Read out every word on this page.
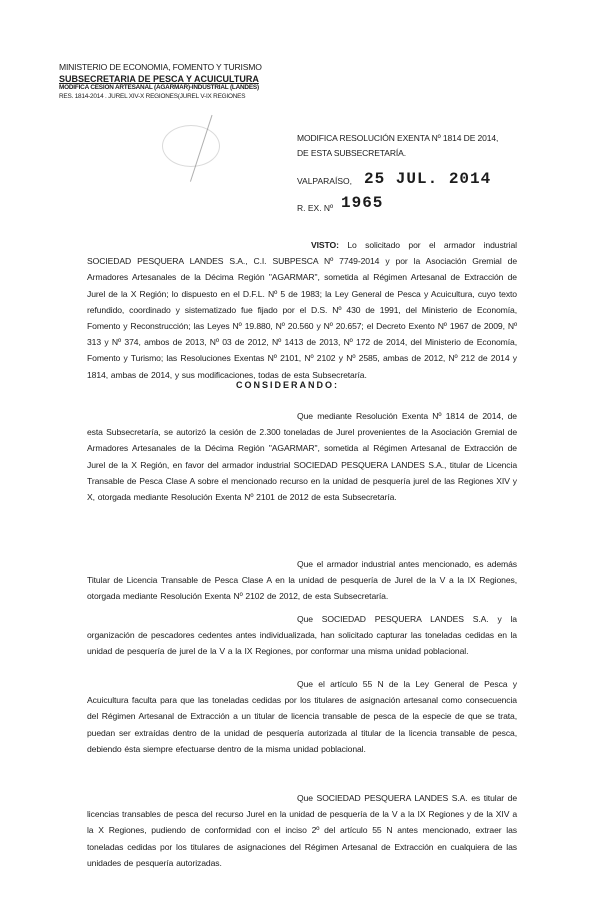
MINISTERIO DE ECONOMIA, FOMENTO Y TURISMO
SUBSECRETARIA DE PESCA Y ACUICULTURA
MODIFICA CESIÓN ARTESANAL (AGARMAR)-INDUSTRIAL (LANDES)
RES. 1814-2014 . JUREL XIV-X REGIONES(JUREL V-IX REGIONES
MODIFICA RESOLUCIÓN EXENTA Nº 1814 DE 2014,
DE ESTA SUBSECRETARÍA.
VALPARAÍSO, 25 JUL. 2014
R. EX. Nº 1965
VISTO: Lo solicitado por el armador industrial SOCIEDAD PESQUERA LANDES S.A., C.I. SUBPESCA Nº 7749-2014 y por la Asociación Gremial de Armadores Artesanales de la Décima Región "AGARMAR", sometida al Régimen Artesanal de Extracción de Jurel de la X Región; lo dispuesto en el D.F.L. Nº 5 de 1983; la Ley General de Pesca y Acuicultura, cuyo texto refundido, coordinado y sistematizado fue fijado por el D.S. Nº 430 de 1991, del Ministerio de Economía, Fomento y Reconstrucción; las Leyes Nº 19.880, Nº 20.560 y Nº 20.657; el Decreto Exento Nº 1967 de 2009, Nº 313 y Nº 374, ambos de 2013, Nº 03 de 2012, Nº 1413 de 2013, Nº 172 de 2014, del Ministerio de Economía, Fomento y Turismo; las Resoluciones Exentas Nº 2101, Nº 2102 y Nº 2585, ambas de 2012, Nº 212 de 2014 y 1814, ambas de 2014, y sus modificaciones, todas de esta Subsecretaría.
CONSIDERANDO:
Que mediante Resolución Exenta Nº 1814 de 2014, de esta Subsecretaría, se autorizó la cesión de 2.300 toneladas de Jurel provenientes de la Asociación Gremial de Armadores Artesanales de la Décima Región "AGARMAR", sometida al Régimen Artesanal de Extracción de Jurel de la X Región, en favor del armador industrial SOCIEDAD PESQUERA LANDES S.A., titular de Licencia Transable de Pesca Clase A sobre el mencionado recurso en la unidad de pesquería jurel de las Regiones XIV y X, otorgada mediante Resolución Exenta Nº 2101 de 2012 de esta Subsecretaría.
Que el armador industrial antes mencionado, es además Titular de Licencia Transable de Pesca Clase A en la unidad de pesquería de Jurel de la V a la IX Regiones, otorgada mediante Resolución Exenta Nº 2102 de 2012, de esta Subsecretaría.
Que SOCIEDAD PESQUERA LANDES S.A. y la organización de pescadores cedentes antes individualizada, han solicitado capturar las toneladas cedidas en la unidad de pesquería de jurel de la V a la IX Regiones, por conformar una misma unidad poblacional.
Que el artículo 55 N de la Ley General de Pesca y Acuicultura faculta para que las toneladas cedidas por los titulares de asignación artesanal como consecuencia del Régimen Artesanal de Extracción a un titular de licencia transable de pesca de la especie de que se trata, puedan ser extraídas dentro de la unidad de pesquería autorizada al titular de la licencia transable de pesca, debiendo ésta siempre efectuarse dentro de la misma unidad poblacional.
Que SOCIEDAD PESQUERA LANDES S.A. es titular de licencias transables de pesca del recurso Jurel en la unidad de pesquería de la V a la IX Regiones y de la XIV a la X Regiones, pudiendo de conformidad con el inciso 2º del artículo 55 N antes mencionado, extraer las toneladas cedidas por los titulares de asignaciones del Régimen Artesanal de Extracción en cualquiera de las unidades de pesquería autorizadas.
